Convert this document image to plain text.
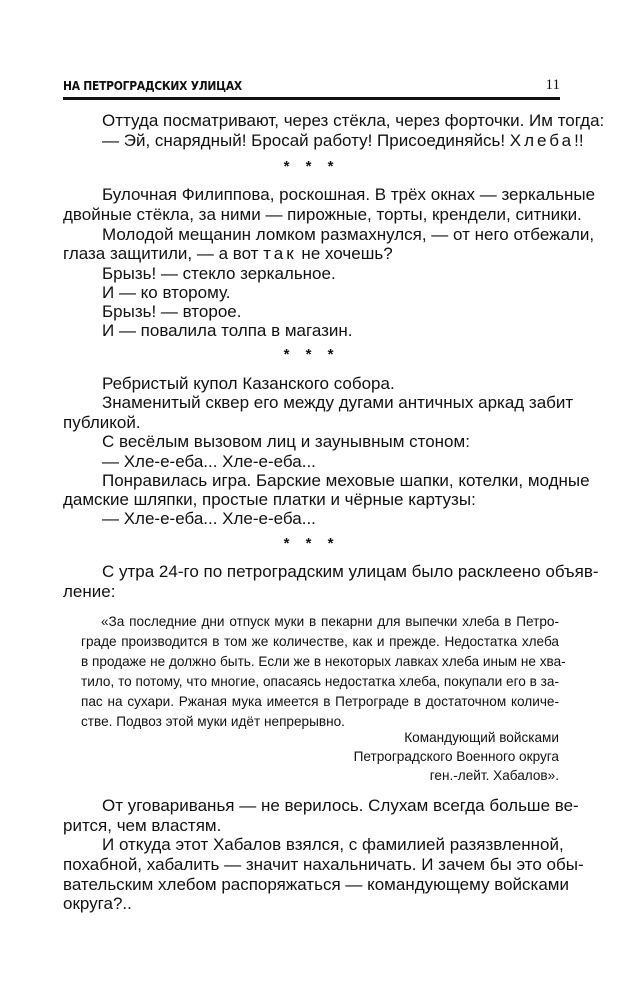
НА ПЕТРОГРАДСКИХ УЛИЦАХ	11
Оттуда посматривают, через стёкла, через форточки. Им тогда:
— Эй, снарядный! Бросай работу! Присоединяйсь! Хлеба!!
* * *
Булочная Филиппова, роскошная. В трёх окнах — зеркальные
двойные стёкла, за ними — пирожные, торты, крендели, ситники.
Молодой мещанин ломком размахнулся, — от него отбежали,
глаза защитили, — а вот так не хочешь?
Брызь! — стекло зеркальное.
И — ко второму.
Брызь! — второе.
И — повалила толпа в магазин.
* * *
Ребристый купол Казанского собора.
Знаменитый сквер его между дугами античных аркад забит
публикой.
С весёлым вызовом лиц и заунывным стоном:
— Хле-е-еба... Хле-е-еба...
Понравилась игра. Барские меховые шапки, котелки, модные
дамские шляпки, простые платки и чёрные картузы:
— Хле-е-еба... Хле-е-еба...
* * *
С утра 24-го по петроградским улицам было расклеено объяв-
ление:
«За последние дни отпуск муки в пекарни для выпечки хлеба в Петро-
граде производится в том же количестве, как и прежде. Недостатка хлеба
в продаже не должно быть. Если же в некоторых лавках хлеба иным не хва-
тило, то потому, что многие, опасаясь недостатка хлеба, покупали его в за-
пас на сухари. Ржаная мука имеется в Петрограде в достаточном количе-
стве. Подвоз этой муки идёт непрерывно.
Командующий войсками
Петроградского Военного округа
ген.-лейт. Хабалов».
От уговариванья — не верилось. Слухам всегда больше ве-
рится, чем властям.
И откуда этот Хабалов взялся, с фамилией разязвленной,
похабной, хабалить — значит нахальничать. И зачем бы это обы-
вательским хлебом распоряжаться — командующему войсками
округа?..
